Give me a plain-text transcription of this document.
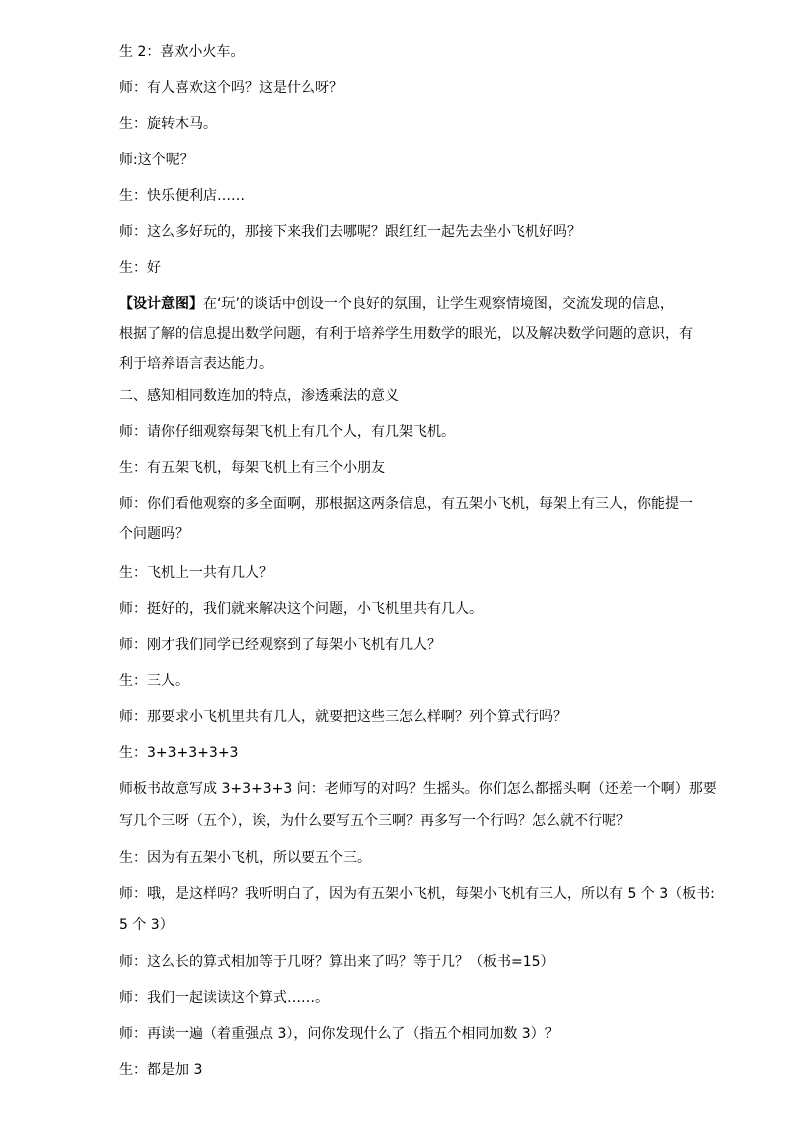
生 2：喜欢小火车。
师：有人喜欢这个吗？这是什么呀？
生：旋转木马。
师:这个呢？
生：快乐便利店……
师：这么多好玩的，那接下来我们去哪呢？跟红红一起先去坐小飞机好吗？
生：好
【设计意图】在‘玩’的谈话中创设一个良好的氛围，让学生观察情境图，交流发现的信息，
根据了解的信息提出数学问题，有利于培养学生用数学的眼光，以及解决数学问题的意识，有
利于培养语言表达能力。
二、感知相同数连加的特点，渗透乘法的意义
师：请你仔细观察每架飞机上有几个人，有几架飞机。
生：有五架飞机，每架飞机上有三个小朋友
师：你们看他观察的多全面啊，那根据这两条信息，有五架小飞机，每架上有三人，你能提一
个问题吗？
生：飞机上一共有几人？
师：挺好的，我们就来解决这个问题，小飞机里共有几人。
师：刚才我们同学已经观察到了每架小飞机有几人？
生：三人。
师：那要求小飞机里共有几人，就要把这些三怎么样啊？列个算式行吗？
生：3+3+3+3+3
师板书故意写成 3+3+3+3 问：老师写的对吗？生摇头。你们怎么都摇头啊（还差一个啊）那要
写几个三呀（五个），诶，为什么要写五个三啊？再多写一个行吗？怎么就不行呢？
生：因为有五架小飞机，所以要五个三。
师：哦，是这样吗？我听明白了，因为有五架小飞机，每架小飞机有三人，所以有 5 个 3（板书:
5 个 3）
师：这么长的算式相加等于几呀？算出来了吗？等于几？（板书=15）
师：我们一起读读这个算式……。
师：再读一遍（着重强点 3），问你发现什么了（指五个相同加数 3）？
生：都是加 3
